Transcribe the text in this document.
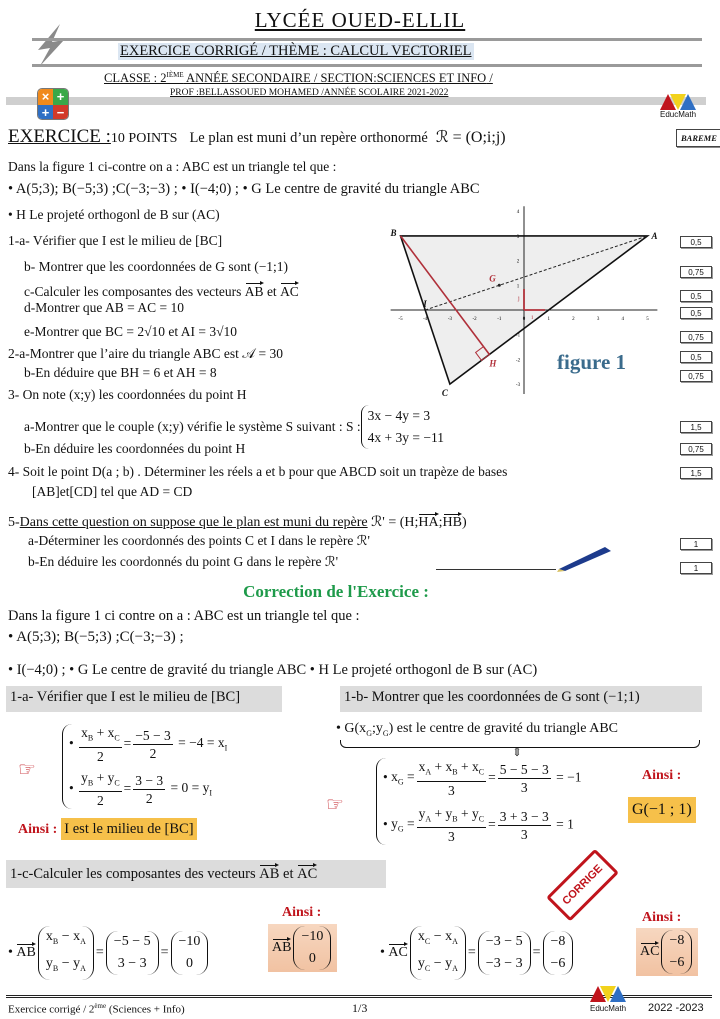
LYCÉE OUED-ELLIL
EXERCICE CORRIGÉ / THÈME : CALCUL VECTORIEL
CLASSE : 2IÈME ANNÉE SECONDAIRE / SECTION:SCIENCES ET INFO /
PROF :BELLASSOUED MOHAMED /ANNÉE SCOLAIRE 2021-2022
× +
+ −	EducMath
EXERCICE :10 POINTS Le plan est muni d’un repère orthonormé ℛ = (O;i;j)	BAREME
Dans la figure 1 ci-contre on a : ABC est un triangle tel que :
• A(5;3); B(−5;3) ;C(−3;−3) ; • I(−4;0) ; • G Le centre de gravité du triangle ABC
• H Le projeté orthogonl de B sur (AC)
1-a- Vérifier que I est le milieu de [BC]
b- Montrer que les coordonnées de G sont (−1;1)
c-Calculer les composantes des vecteurs AB et AC
d-Montrer que AB = AC = 10
e-Montrer que BC = 2√10 et AI = 3√10
2-a-Montrer que l’aire du triangle ABC est 𝒜 = 30
b-En déduire que BH = 6 et AH = 8
3- On note (x;y) les coordonnées du point H
a-Montrer que le couple (x;y) vérifie le système S suivant : S :
3x − 4y = 3
4x + 3y = −11
b-En déduire les coordonnées du point H
4- Soit le point D(a ; b) . Déterminer les réels a et b pour que ABCD soit un trapèze de bases
[AB]et[CD] tel que AD = CD
5-Dans cette question on suppose que le plan est muni du repère ℛ' = (H;HA;HB)
a-Déterminer les coordonnés des points C et I dans le repère ℛ'
b-En déduire les coordonnés du point G dans le repère ℛ'
0,5
0,75
0,5
0,5
0,75
0,5
0,75
1,5
0,75
1,5
1
1
-5	-4	-3	-2	-1	0	1	2	3	4	5
-3
-2
-1
1
2
3
4
A
B
C
I
G
H
i
j
figure 1
Correction de l'Exercice :
Dans la figure 1 ci contre on a : ABC est un triangle tel que :
• A(5;3); B(−5;3) ;C(−3;−3) ;
• I(−4;0) ; • G Le centre de gravité du triangle ABC • H Le projeté orthogonl de B sur (AC)
1-a- Vérifier que I est le milieu de [BC]	1-b- Montrer que les coordonnées de G sont (−1;1)
☞
• $\frac{x_B + x_C}{2} = \frac{-5 - 3}{2} = -4 = x_I$
• $\frac{y_B + y_C}{2} = \frac{3 - 3}{2} = 0 = y_I$
Ainsi : I est le milieu de [BC]
• $G(x_G;y_G)$ est le centre de gravité du triangle ABC
⇕
☞
• $x_G = \frac{x_A + x_B + x_C}{3} = \frac{5 - 5 - 3}{3} = -1$
• $y_G = \frac{y_A + y_B + y_C}{3} = \frac{3 + 3 - 3}{3} = 1$
Ainsi :
G(−1 ; 1)
1-c-Calculer les composantes des vecteurs AB et AC	CORRIGE
Ainsi :	Ainsi :
• AB
$x_B - x_A$
$y_B - y_A$
=
−5 − 5
3 − 3
=
−10
0
AB
−10
0	• AC
$x_C - x_A$
$y_C - y_A$
=
−3 − 5
−3 − 3
=
−8
−6
AC
−8
−6
Exercice corrigé / 2ème (Sciences + Info)	1/3	EducMath 2022 -2023
